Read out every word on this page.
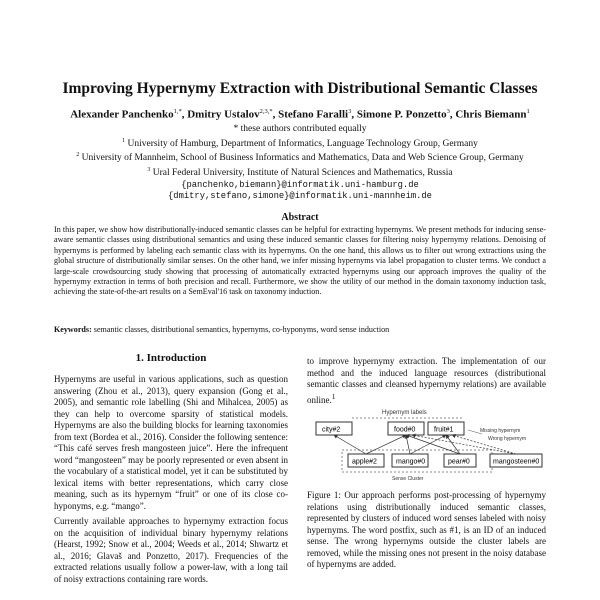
Improving Hypernymy Extraction with Distributional Semantic Classes
Alexander Panchenko$^{1,*}$, Dmitry Ustalov$^{2,3,*}$, Stefano Faralli$^3$, Simone P. Ponzetto$^3$, Chris Biemann$^1$
* these authors contributed equally
$^1$ University of Hamburg, Department of Informatics, Language Technology Group, Germany
$^2$ University of Mannheim, School of Business Informatics and Mathematics, Data and Web Science Group, Germany
$^3$ Ural Federal University, Institute of Natural Sciences and Mathematics, Russia
{panchenko,biemann}@informatik.uni-hamburg.de
{dmitry,stefano,simone}@informatik.uni-mannheim.de
Abstract
In this paper, we show how distributionally-induced semantic classes can be helpful for extracting hypernyms. We present methods for inducing sense-aware semantic classes using distributional semantics and using these induced semantic classes for filtering noisy hypernymy relations. Denoising of hypernyms is performed by labeling each semantic class with its hypernyms. On the one hand, this allows us to filter out wrong extractions using the global structure of distributionally similar senses. On the other hand, we infer missing hypernyms via label propagation to cluster terms. We conduct a large-scale crowdsourcing study showing that processing of automatically extracted hypernyms using our approach improves the quality of the hypernymy extraction in terms of both precision and recall. Furthermore, we show the utility of our method in the domain taxonomy induction task, achieving the state-of-the-art results on a SemEval'16 task on taxonomy induction.
Keywords: semantic classes, distributional semantics, hypernyms, co-hyponyms, word sense induction
1. Introduction

Hypernyms are useful in various applications, such as question answering (Zhou et al., 2013), query expansion (Gong et al., 2005), and semantic role labelling (Shi and Mihalcea, 2005) as they can help to overcome sparsity of statistical models. Hypernyms are also the building blocks for learning taxonomies from text (Bordea et al., 2016). Consider the following sentence: “This café serves fresh mangosteen juice”. Here the infrequent word “mangosteen” may be poorly represented or even absent in the vocabulary of a statistical model, yet it can be substituted by lexical items with better representations, which carry close meaning, such as its hypernym “fruit” or one of its close co-hyponyms, e.g. “mango”.

Currently available approaches to hypernymy extraction focus on the acquisition of individual binary hypernymy relations (Hearst, 1992; Snow et al., 2004; Weeds et al., 2014; Shwartz et al., 2016; Glavaš and Ponzetto, 2017). Frequencies of the extracted relations usually follow a power-law, with a long tail of noisy extractions containing rare words.

to improve hypernymy extraction. The implementation of our method and the induced language resources (distributional semantic classes and cleansed hypernymy relations) are available online.$^1$
Hypernym labels
city#2	food#0	fruit#1	Missing hypernym
Wrong hypernym
apple#2	mango#0	pear#0	mangosteen#0
Sense Cluster
Figure 1: Our approach performs post-processing of hypernymy relations using distributionally induced semantic classes, represented by clusters of induced word senses labeled with noisy hypernyms. The word postfix, such as #1, is an ID of an induced sense. The wrong hypernyms outside the cluster labels are removed, while the missing ones not present in the noisy database of hypernyms are added.
